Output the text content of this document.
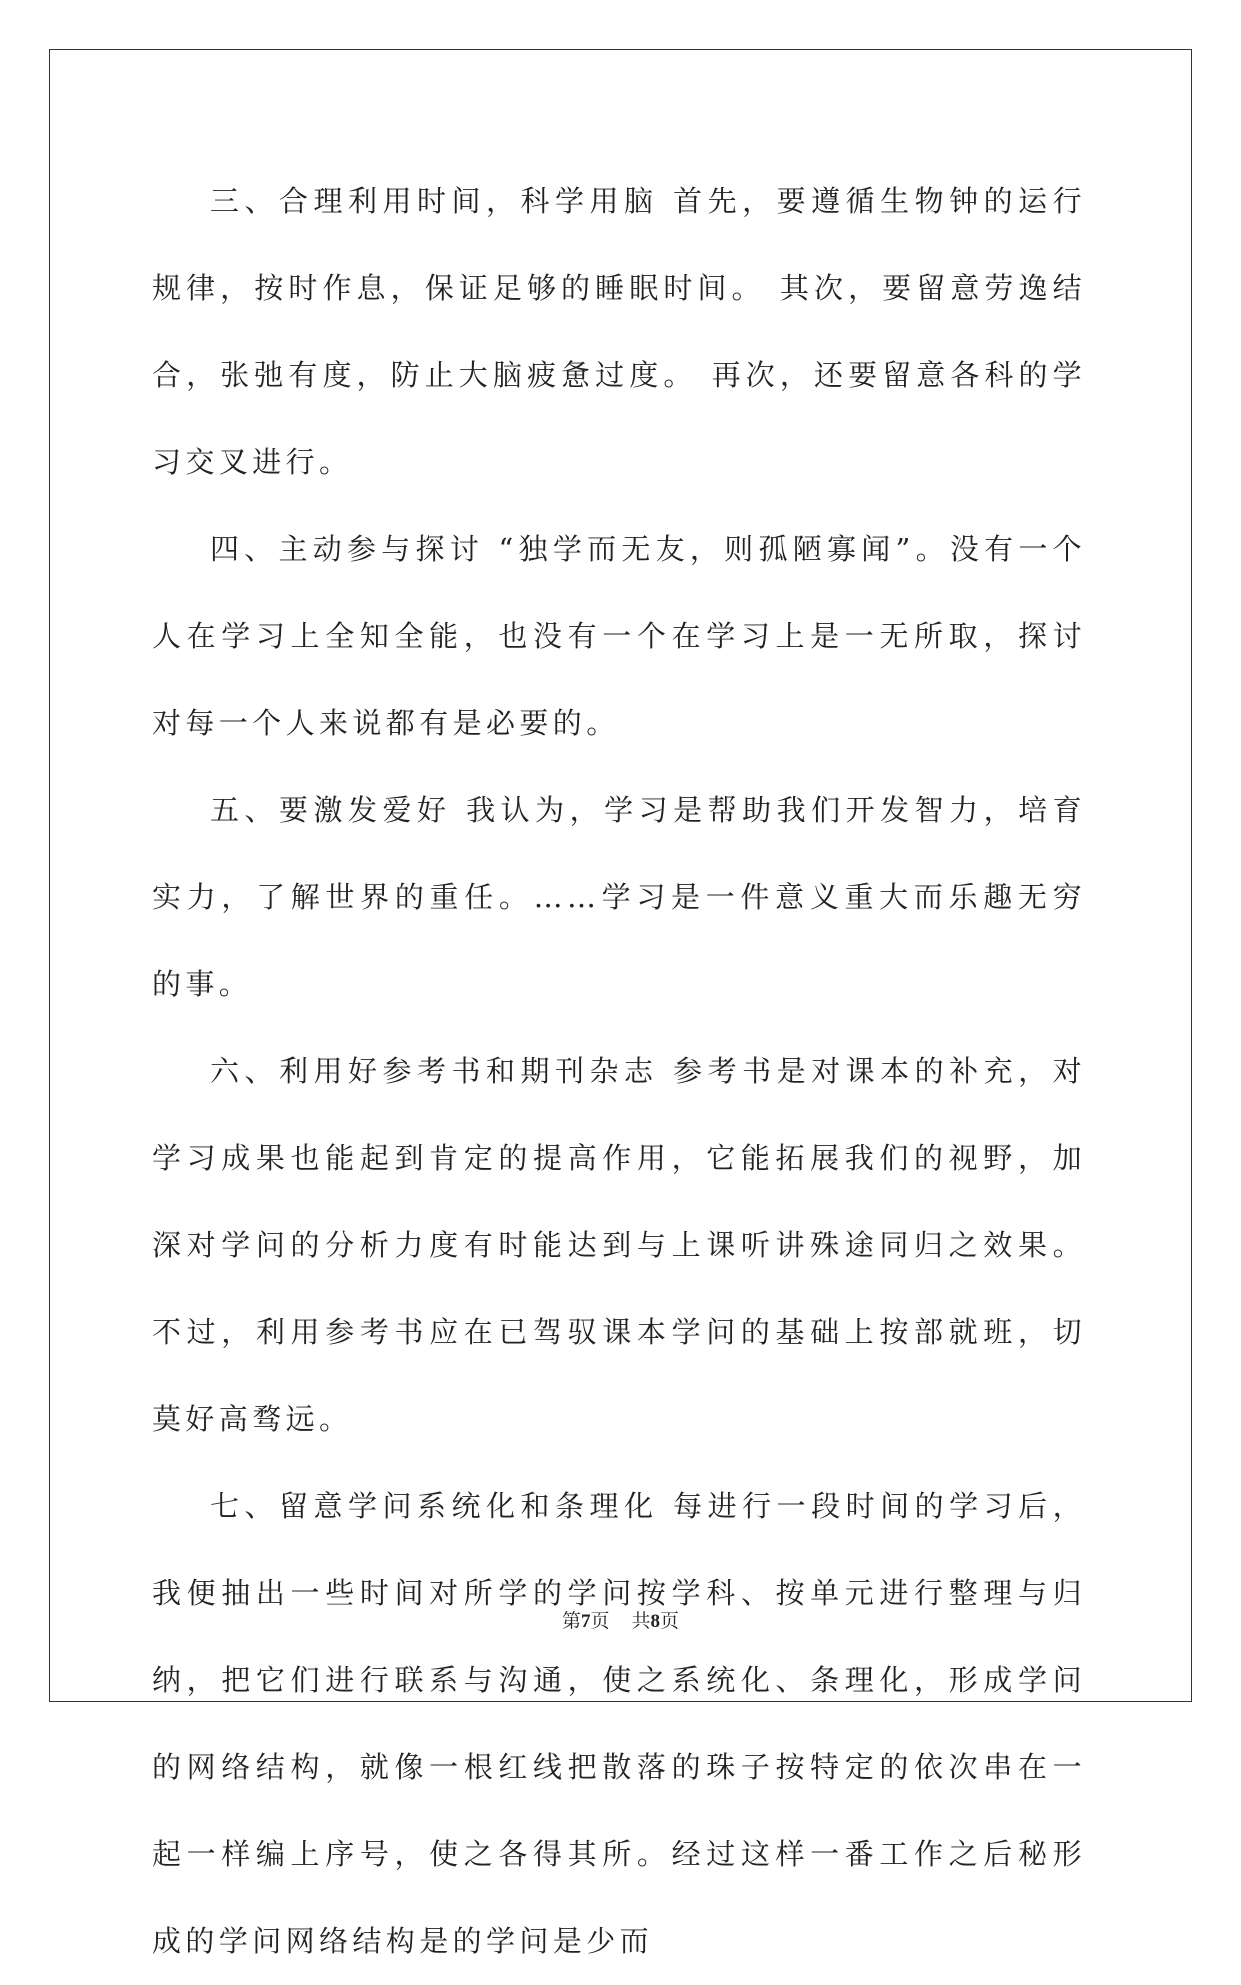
三、合理利用时间，科学用脑 首先，要遵循生物钟的运行规律，按时作息，保证足够的睡眠时间。 其次，要留意劳逸结合，张弛有度，防止大脑疲惫过度。 再次，还要留意各科的学习交叉进行。

四、主动参与探讨 “独学而无友，则孤陋寡闻”。没有一个人在学习上全知全能，也没有一个在学习上是一无所取，探讨对每一个人来说都有是必要的。

五、要激发爱好 我认为，学习是帮助我们开发智力，培育实力，了解世界的重任。……学习是一件意义重大而乐趣无穷的事。

六、利用好参考书和期刊杂志 参考书是对课本的补充，对学习成果也能起到肯定的提高作用，它能拓展我们的视野，加深对学问的分析力度有时能达到与上课听讲殊途同归之效果。不过，利用参考书应在已驾驭课本学问的基础上按部就班，切莫好高骛远。

七、留意学问系统化和条理化 每进行一段时间的学习后，我便抽出一些时间对所学的学问按学科、按单元进行整理与归纳，把它们进行联系与沟通，使之系统化、条理化，形成学问的网络结构，就像一根红线把散落的珠子按特定的依次串在一起一样编上序号，使之各得其所。经过这样一番工作之后秘形成的学问网络结构是的学问是少而

第7页 共8页
